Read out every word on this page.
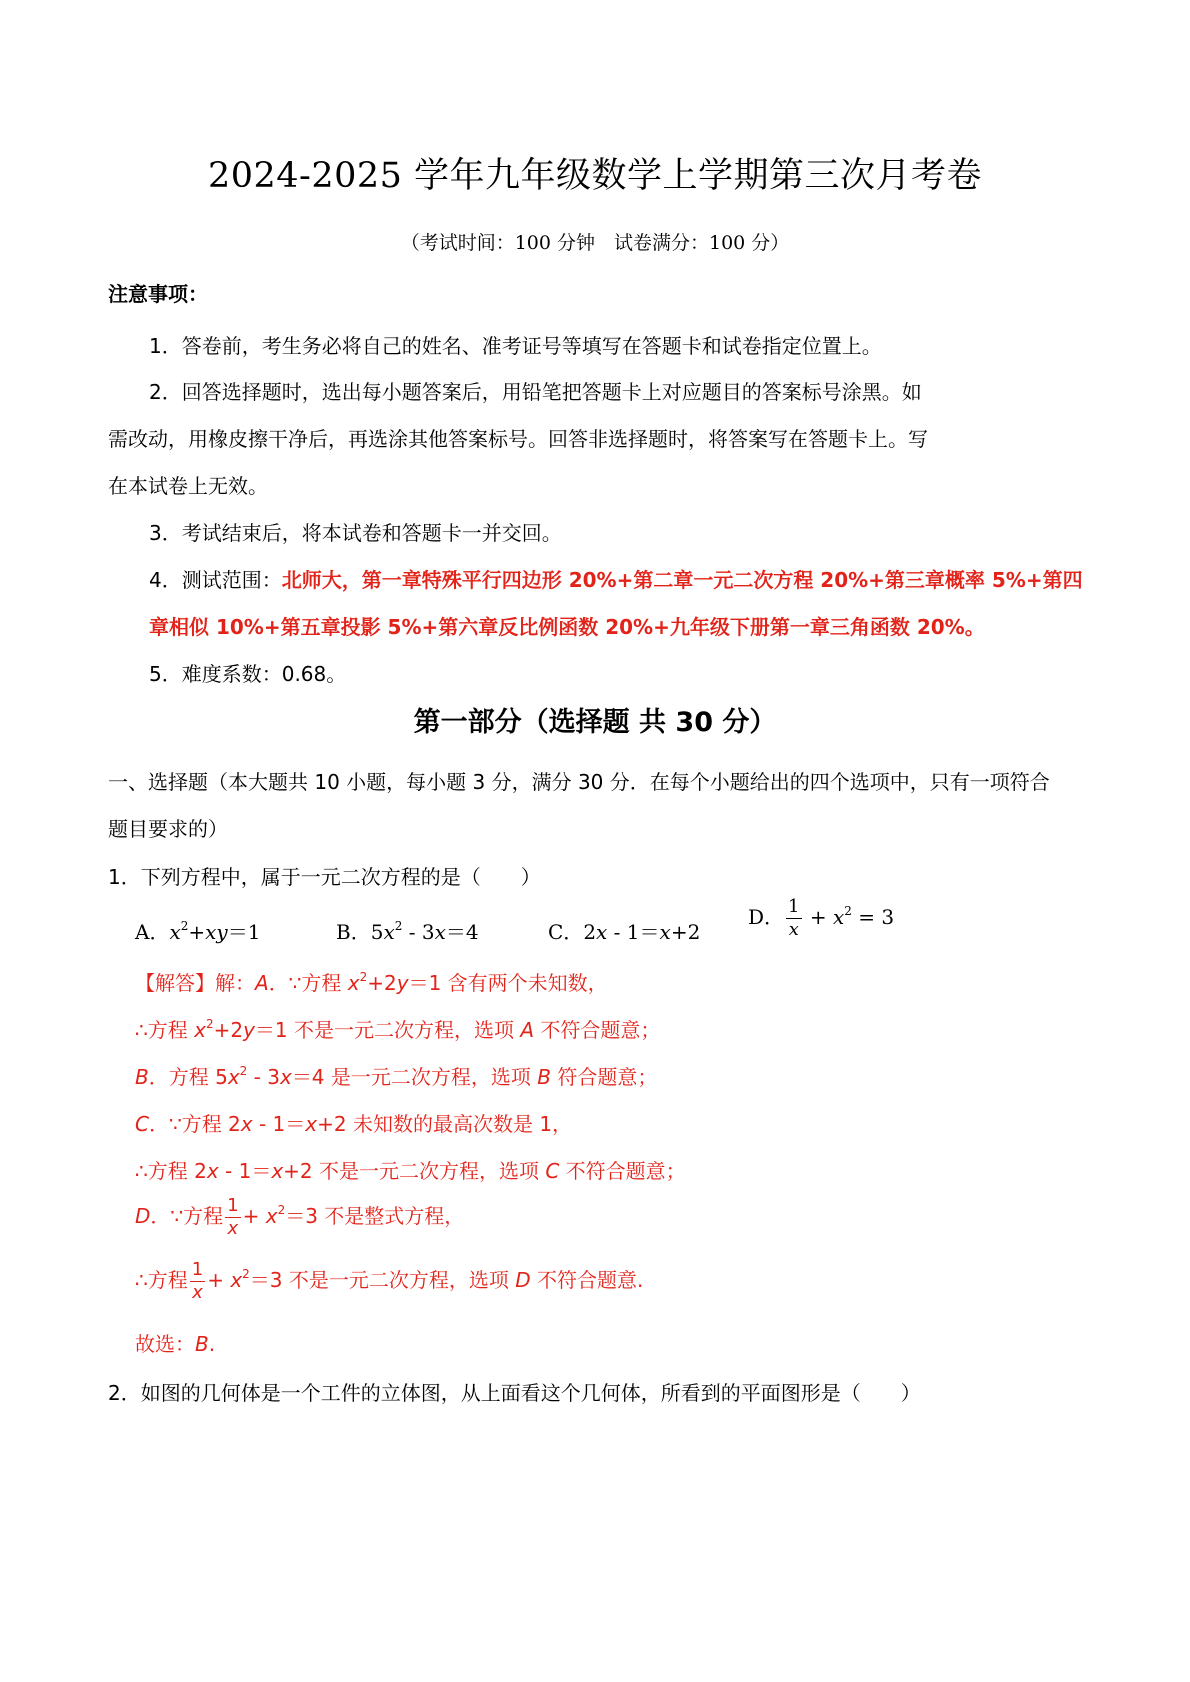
2024-2025 学年九年级数学上学期第三次月考卷
（考试时间：100 分钟　试卷满分：100 分）
注意事项：
1．答卷前，考生务必将自己的姓名、准考证号等填写在答题卡和试卷指定位置上。
2．回答选择题时，选出每小题答案后，用铅笔把答题卡上对应题目的答案标号涂黑。如
需改动，用橡皮擦干净后，再选涂其他答案标号。回答非选择题时，将答案写在答题卡上。写
在本试卷上无效。
3．考试结束后，将本试卷和答题卡一并交回。
4．测试范围：北师大，第一章特殊平行四边形 20%+第二章一元二次方程 20%+第三章概率 5%+第四
章相似 10%+第五章投影 5%+第六章反比例函数 20%+九年级下册第一章三角函数 20%。
5．难度系数：0.68。
第一部分（选择题 共 30 分）
一、选择题（本大题共 10 小题，每小题 3 分，满分 30 分．在每个小题给出的四个选项中，只有一项符合
题目要求的）
1．下列方程中，属于一元二次方程的是（　　）
A．$x^2+xy=1$	B．$5x^2 - 3x=4$	C．2x - 1＝x+2
D． $\frac{1}{x} + x^2 = 3$
【解答】解：A．∵方程 $x^2+2y=1$ 含有两个未知数，
∴方程 $x^2+2y=1$ 不是一元二次方程，选项 A 不符合题意；
B．方程 $5x^2 - 3x=4$ 是一元二次方程，选项 B 符合题意；
C．∵方程 2x - 1＝x+2 未知数的最高次数是 1，
∴方程 2x - 1＝x+2 不是一元二次方程，选项 C 不符合题意；
D．∵方程 $\frac{1}{x} + x^2=3$ 不是整式方程，
∴方程 $\frac{1}{x} + x^2=3$ 不是一元二次方程，选项 D 不符合题意.
故选：B.
2．如图的几何体是一个工件的立体图，从上面看这个几何体，所看到的平面图形是（　　）
